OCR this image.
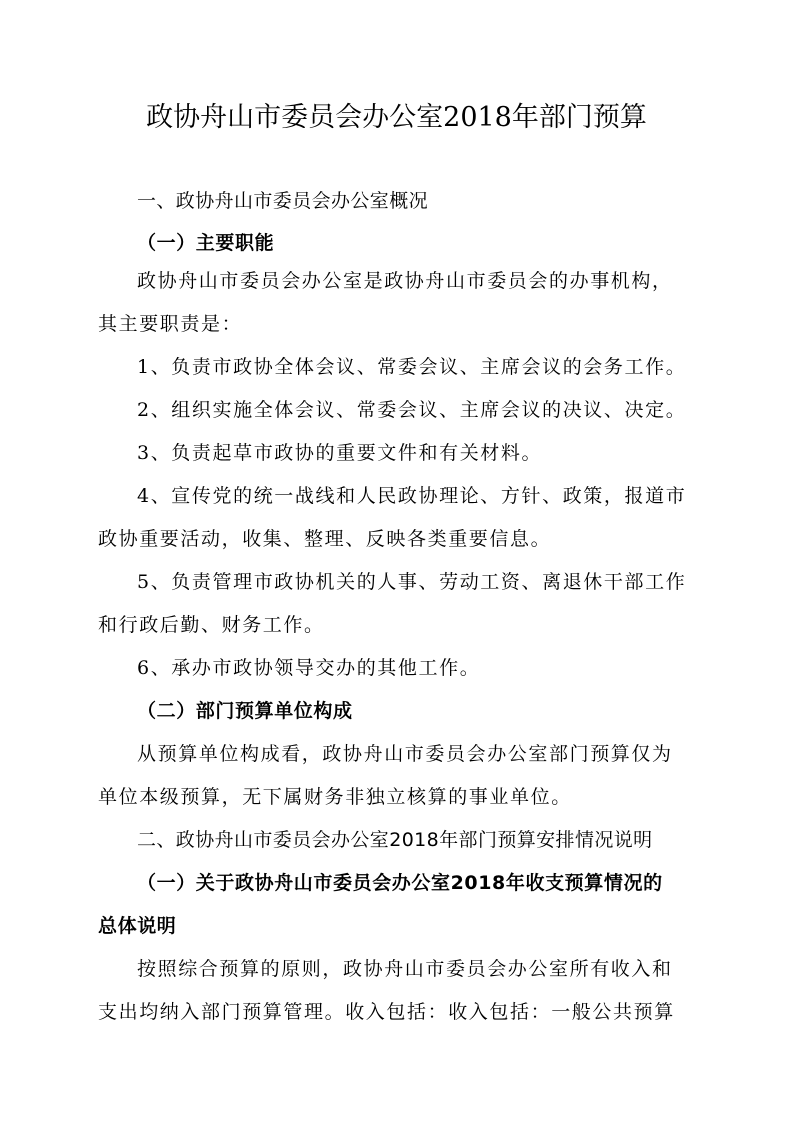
政协舟山市委员会办公室2018年部门预算
一、政协舟山市委员会办公室概况
（一）主要职能
政协舟山市委员会办公室是政协舟山市委员会的办事机构，
其主要职责是：
1、负责市政协全体会议、常委会议、主席会议的会务工作。
2、组织实施全体会议、常委会议、主席会议的决议、决定。
3、负责起草市政协的重要文件和有关材料。
4、宣传党的统一战线和人民政协理论、方针、政策，报道市
政协重要活动，收集、整理、反映各类重要信息。
5、负责管理市政协机关的人事、劳动工资、离退休干部工作
和行政后勤、财务工作。
6、承办市政协领导交办的其他工作。
（二）部门预算单位构成
从预算单位构成看，政协舟山市委员会办公室部门预算仅为
单位本级预算，无下属财务非独立核算的事业单位。
二、政协舟山市委员会办公室2018年部门预算安排情况说明
（一）关于政协舟山市委员会办公室2018年收支预算情况的
总体说明
按照综合预算的原则，政协舟山市委员会办公室所有收入和
支出均纳入部门预算管理。收入包括：收入包括：一般公共预算
